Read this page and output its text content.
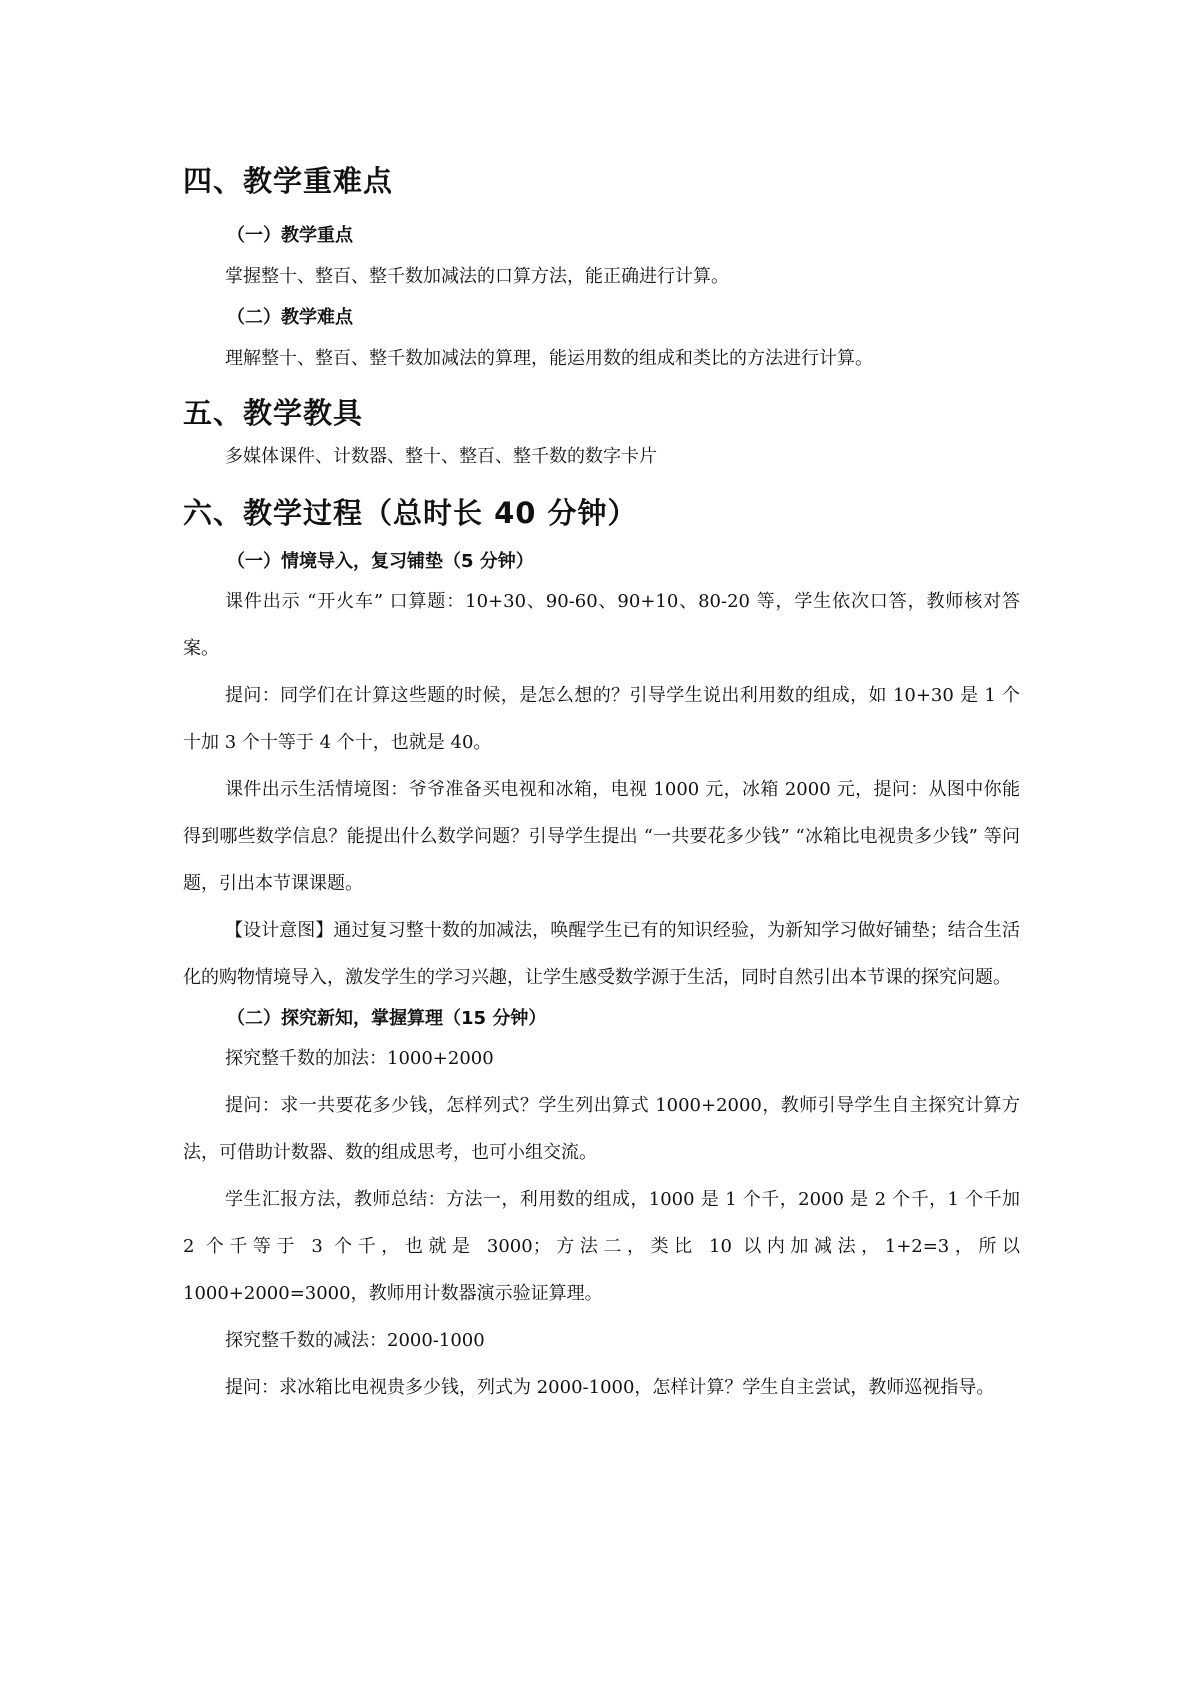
四、教学重难点
（一）教学重点

掌握整十、整百、整千数加减法的口算方法，能正确进行计算。

（二）教学难点

理解整十、整百、整千数加减法的算理，能运用数的组成和类比的方法进行计算。

五、教学教具

多媒体课件、计数器、整十、整百、整千数的数字卡片

六、教学过程（总时长 40 分钟）
（一）情境导入，复习铺垫（5 分钟）

课件出示 “开火车” 口算题：10+30、90-60、90+10、80-20 等，学生依次口答，教师核对答案。

提问：同学们在计算这些题的时候，是怎么想的？引导学生说出利用数的组成，如 10+30 是 1 个十加 3 个十等于 4 个十，也就是 40。

课件出示生活情境图：爷爷准备买电视和冰箱，电视 1000 元，冰箱 2000 元，提问：从图中你能得到哪些数学信息？能提出什么数学问题？引导学生提出 “一共要花多少钱” “冰箱比电视贵多少钱” 等问题，引出本节课课题。

【设计意图】通过复习整十数的加减法，唤醒学生已有的知识经验，为新知学习做好铺垫；结合生活化的购物情境导入，激发学生的学习兴趣，让学生感受数学源于生活，同时自然引出本节课的探究问题。

（二）探究新知，掌握算理（15 分钟）

探究整千数的加法：1000+2000

提问：求一共要花多少钱，怎样列式？学生列出算式 1000+2000，教师引导学生自主探究计算方法，可借助计数器、数的组成思考，也可小组交流。

学生汇报方法，教师总结：方法一，利用数的组成，1000 是 1 个千，2000 是 2 个千，1 个千加 2 个千等于 3 个千，也就是 3000；方法二，类比 10 以内加减法，1+2=3，所以 1000+2000=3000，教师用计数器演示验证算理。

探究整千数的减法：2000-1000

提问：求冰箱比电视贵多少钱，列式为 2000-1000，怎样计算？学生自主尝试，教师巡视指导。
